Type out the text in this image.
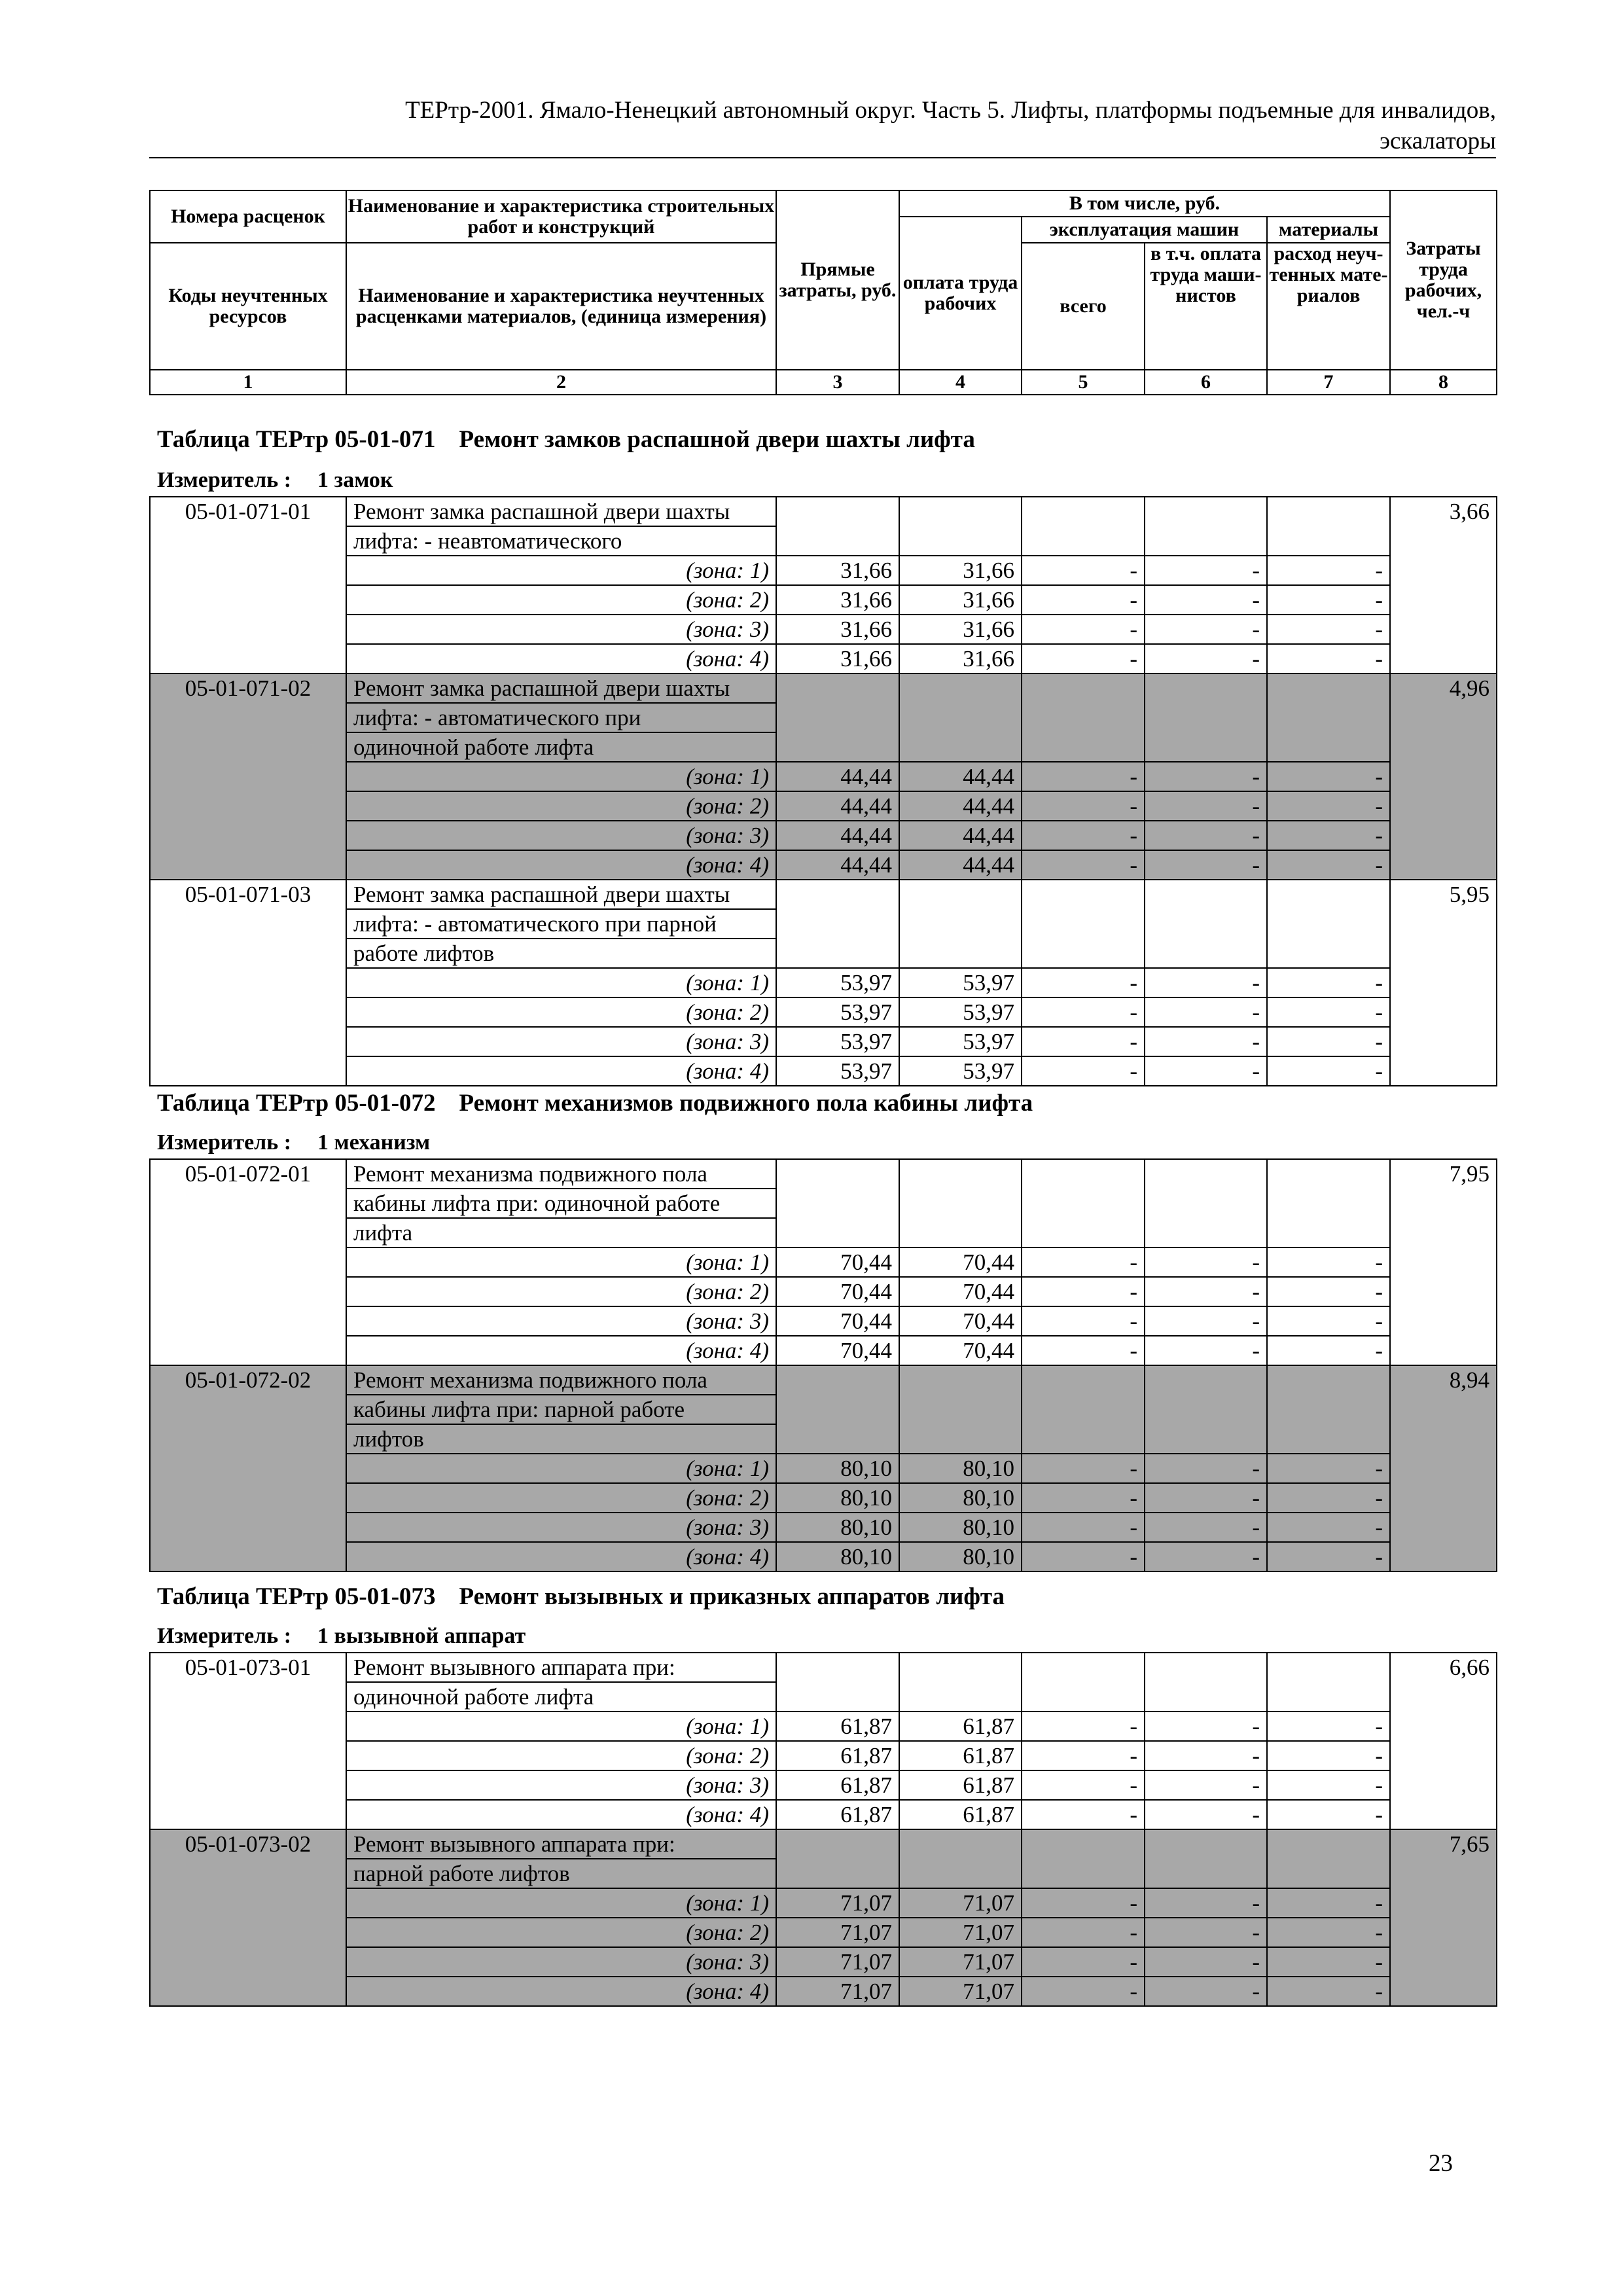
ТЕРтр-2001. Ямало-Ненецкий автономный округ. Часть 5. Лифты, платформы подъемные для инвалидов,
эскалаторы
Номера расценок	Наименование и характеристика строительных работ и конструкций	Прямые затраты, руб.	В том числе, руб.				Затраты труда рабочих, чел.-ч
			оплата труда рабочих	эксплуатация машин		материалы	
Коды неучтенных ресурсов	Наименование и характеристика неучтенных расценками материалов, (единица измерения)			всего	в т.ч. оплата труда маши- нистов	расход неуч- тенных мате- риалов	

1	2	3	4	5	6	7	8
Таблица ТЕРтр 05-01-071 Ремонт замков распашной двери шахты лифта
Измеритель : 1 замок
05-01-071-01	Ремонт замка распашной двери шахты						3,66
	лифта: - неавтоматического						
	(зона: 1)	31,66	31,66	-	-	-	
	(зона: 2)	31,66	31,66	-	-	-	
	(зона: 3)	31,66	31,66	-	-	-	
	(зона: 4)	31,66	31,66	-	-	-	
05-01-071-02	Ремонт замка распашной двери шахты						4,96
	лифта: - автоматического при						
	одиночной работе лифта						
	(зона: 1)	44,44	44,44	-	-	-	
	(зона: 2)	44,44	44,44	-	-	-	
	(зона: 3)	44,44	44,44	-	-	-	
	(зона: 4)	44,44	44,44	-	-	-	
05-01-071-03	Ремонт замка распашной двери шахты						5,95
	лифта: - автоматического при парной						
	работе лифтов						
	(зона: 1)	53,97	53,97	-	-	-	
	(зона: 2)	53,97	53,97	-	-	-	
	(зона: 3)	53,97	53,97	-	-	-	
	(зона: 4)	53,97	53,97	-	-	-	
Таблица ТЕРтр 05-01-072 Ремонт механизмов подвижного пола кабины лифта
Измеритель : 1 механизм
05-01-072-01	Ремонт механизма подвижного пола						7,95
	кабины лифта при: одиночной работе						
	лифта						
	(зона: 1)	70,44	70,44	-	-	-	
	(зона: 2)	70,44	70,44	-	-	-	
	(зона: 3)	70,44	70,44	-	-	-	
	(зона: 4)	70,44	70,44	-	-	-	
05-01-072-02	Ремонт механизма подвижного пола						8,94
	кабины лифта при: парной работе						
	лифтов						
	(зона: 1)	80,10	80,10	-	-	-	
	(зона: 2)	80,10	80,10	-	-	-	
	(зона: 3)	80,10	80,10	-	-	-	
	(зона: 4)	80,10	80,10	-	-	-	
Таблица ТЕРтр 05-01-073 Ремонт вызывных и приказных аппаратов лифта
Измеритель : 1 вызывной аппарат
05-01-073-01	Ремонт вызывного аппарата при:						6,66
	одиночной работе лифта						
	(зона: 1)	61,87	61,87	-	-	-	
	(зона: 2)	61,87	61,87	-	-	-	
	(зона: 3)	61,87	61,87	-	-	-	
	(зона: 4)	61,87	61,87	-	-	-	
05-01-073-02	Ремонт вызывного аппарата при:						7,65
	парной работе лифтов						
	(зона: 1)	71,07	71,07	-	-	-	
	(зона: 2)	71,07	71,07	-	-	-	
	(зона: 3)	71,07	71,07	-	-	-	
	(зона: 4)	71,07	71,07	-	-	-	
23
